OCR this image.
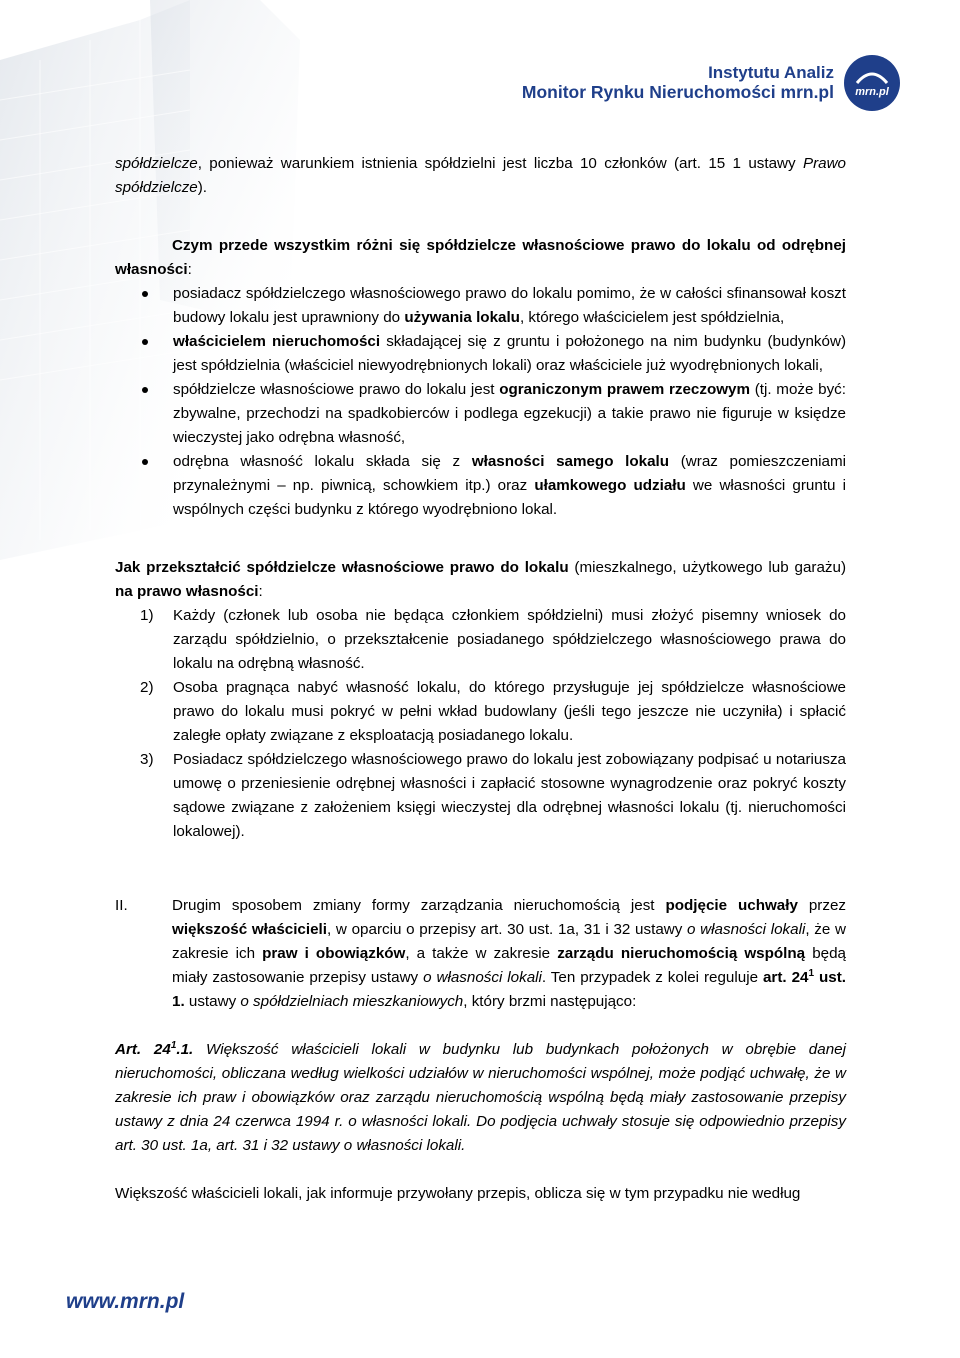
Instytutu Analiz
Monitor Rynku Nieruchomości mrn.pl mrn.pl

spółdzielcze, ponieważ warunkiem istnienia spółdzielni jest liczba 10 członków (art. 15 1 ustawy Prawo spółdzielcze).

Czym przede wszystkim różni się spółdzielcze własnościowe prawo do lokalu od odrębnej własności:

posiadacz spółdzielczego własnościowego prawo do lokalu pomimo, że w całości sfinansował koszt budowy lokalu jest uprawniony do używania lokalu, którego właścicielem jest spółdzielnia,
właścicielem nieruchomości składającej się z gruntu i położonego na nim budynku (budynków) jest spółdzielnia (właściciel niewyodrębnionych lokali) oraz właściciele już wyodrębnionych lokali,
spółdzielcze własnościowe prawo do lokalu jest ograniczonym prawem rzeczowym (tj. może być: zbywalne, przechodzi na spadkobierców i podlega egzekucji) a takie prawo nie figuruje w księdze wieczystej jako odrębna własność,
odrębna własność lokalu składa się z własności samego lokalu (wraz pomieszczeniami przynależnymi – np. piwnicą, schowkiem itp.) oraz ułamkowego udziału we własności gruntu i wspólnych części budynku z którego wyodrębniono lokal.

Jak przekształcić spółdzielcze własnościowe prawo do lokalu (mieszkalnego, użytkowego lub garażu) na prawo własności:

1) Każdy (członek lub osoba nie będąca członkiem spółdzielni) musi złożyć pisemny wniosek do zarządu spółdzielnio, o przekształcenie posiadanego spółdzielczego własnościowego prawa do lokalu na odrębną własność.
2) Osoba pragnąca nabyć własność lokalu, do którego przysługuje jej spółdzielcze własnościowe prawo do lokalu musi pokryć w pełni wkład budowlany (jeśli tego jeszcze nie uczyniła) i spłacić zaległe opłaty związane z eksploatacją posiadanego lokalu.
3) Posiadacz spółdzielczego własnościowego prawo do lokalu jest zobowiązany podpisać u notariusza umowę o przeniesienie odrębnej własności i zapłacić stosowne wynagrodzenie oraz pokryć koszty sądowe związane z założeniem księgi wieczystej dla odrębnej własności lokalu (tj. nieruchomości lokalowej).
II.	Drugim sposobem zmiany formy zarządzania nieruchomością jest podjęcie uchwały przez większość właścicieli, w oparciu o przepisy art. 30 ust. 1a, 31 i 32 ustawy o własności lokali, że w zakresie ich praw i obowiązków, a także w zakresie zarządu nieruchomością wspólną będą miały zastosowanie przepisy ustawy o własności lokali. Ten przypadek z kolei reguluje art. $24^1$ ust. 1. ustawy o spółdzielniach mieszkaniowych, który brzmi następująco:

Art. $24^1.1$. Większość właścicieli lokali w budynku lub budynkach położonych w obrębie danej nieruchomości, obliczana według wielkości udziałów w nieruchomości wspólnej, może podjąć uchwałę, że w zakresie ich praw i obowiązków oraz zarządu nieruchomością wspólną będą miały zastosowanie przepisy ustawy z dnia 24 czerwca 1994 r. o własności lokali. Do podjęcia uchwały stosuje się odpowiednio przepisy art. 30 ust. 1a, art. 31 i 32 ustawy o własności lokali.

Większość właścicieli lokali, jak informuje przywołany przepis, oblicza się w tym przypadku nie według

www.mrn.pl
